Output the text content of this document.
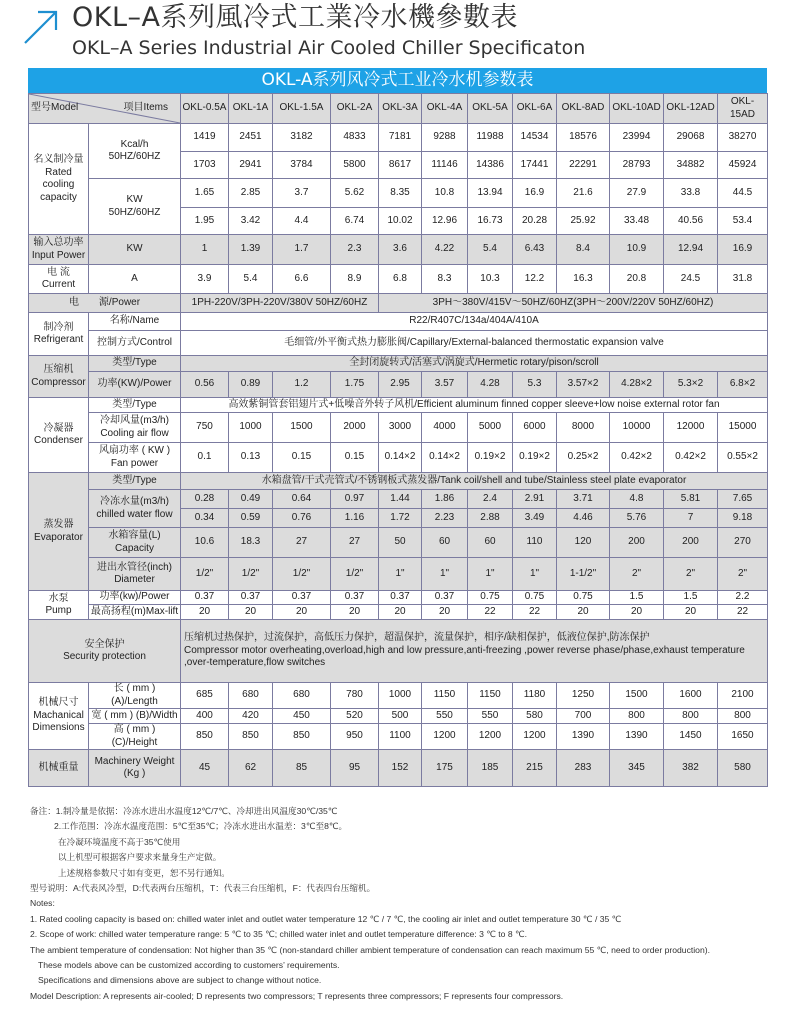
OKL–A系列風冷式工業冷水機參數表
OKL–A Series Industrial Air Cooled Chiller Specificaton
OKL-A系列风冷式工业冷水机参数表
型号Model 项目Items		OKL-0.5A	OKL-1A	OKL-1.5A	OKL-2A	OKL-3A	OKL-4A	OKL-5A	OKL-6A	OKL-8AD	OKL-10AD	OKL-12AD	OKL-15AD
名义制冷量
Rated
cooling
capacity	Kcal/h
50HZ/60HZ	1419	2451	3182	4833	7181	9288	11988	14534	18576	23994	29068	38270
		1703	2941	3784	5800	8617	11146	14386	17441	22291	28793	34882	45924
	KW
50HZ/60HZ	1.65	2.85	3.7	5.62	8.35	10.8	13.94	16.9	21.6	27.9	33.8	44.5
		1.95	3.42	4.4	6.74	10.02	12.96	16.73	20.28	25.92	33.48	40.56	53.4
输入总功率
Input Power	KW	1	1.39	1.7	2.3	3.6	4.22	5.4	6.43	8.4	10.9	12.94	16.9
电 流
Current	A	3.9	5.4	6.6	8.9	6.8	8.3	10.3	12.2	16.3	20.8	24.5	31.8
电　　源/Power		1PH-220V/3PH-220V/380V 50HZ/60HZ				3PH～380V/415V～50HZ/60HZ(3PH～200V/220V 50HZ/60HZ)							
制冷剂
Refrigerant	名称/Name	R22/R407C/134a/404A/410A											
	控制方式/Control	毛细管/外平衡式热力膨胀阀/Capillary/External-balanced thermostatic expansion valve											
压缩机
Compressor	类型/Type	全封闭旋转式/活塞式/涡旋式/Hermetic rotary/pison/scroll											
	功率(KW)/Power	0.56	0.89	1.2	1.75	2.95	3.57	4.28	5.3	3.57×2	4.28×2	5.3×2	6.8×2
冷凝器
Condenser	类型/Type	高效紫铜管套铝翅片式+低噪音外转子风机/Efficient aluminum finned copper sleeve+low noise external rotor fan											
	冷却风量(m3/h)
Cooling air flow	750	1000	1500	2000	3000	4000	5000	6000	8000	10000	12000	15000
	风扇功率 ( KW )
Fan power	0.1	0.13	0.15	0.15	0.14×2	0.14×2	0.19×2	0.19×2	0.25×2	0.42×2	0.42×2	0.55×2
蒸发器
Evaporator	类型/Type	水箱盘管/干式壳管式/不锈钢板式蒸发器/Tank coil/shell and tube/Stainless steel plate evaporator											
	冷冻水量(m3/h)
chilled water flow	0.28	0.49	0.64	0.97	1.44	1.86	2.4	2.91	3.71	4.8	5.81	7.65
		0.34	0.59	0.76	1.16	1.72	2.23	2.88	3.49	4.46	5.76	7	9.18
	水箱容量(L)
Capacity	10.6	18.3	27	27	50	60	60	110	120	200	200	270
	进出水管径(inch)
Diameter	1/2"	1/2"	1/2"	1/2"	1"	1"	1"	1"	1-1/2"	2"	2"	2"
水泵
Pump	功率(kw)/Power	0.37	0.37	0.37	0.37	0.37	0.37	0.75	0.75	0.75	1.5	1.5	2.2
	最高扬程(m)Max-lift	20	20	20	20	20	20	22	22	20	20	20	22
安全保护
Security protection		压缩机过热保护，过流保护，高低压力保护，超温保护，流量保护，相序/缺相保护，低液位保护,防冻保护
Compressor motor overheating,overload,high and low pressure,anti-freezing ,power reverse phase/phase,exhaust temperature ,over-temperature,flow switches											
机械尺寸
Machanical
Dimensions	长 ( mm ) (A)/Length	685	680	680	780	1000	1150	1150	1180	1250	1500	1600	2100
	宽 ( mm ) (B)/Width	400	420	450	520	500	550	550	580	700	800	800	800
	高 ( mm ) (C)/Height	850	850	850	950	1100	1200	1200	1200	1390	1390	1450	1650
机械重量	Machinery Weight
(Kg )	45	62	85	95	152	175	185	215	283	345	382	580
备注：1.制冷量是依据：冷冻水进出水温度12℃/7℃、冷却进出风温度30℃/35℃
2.工作范围：冷冻水温度范围：5℃至35℃；冷冻水进出水温差：3℃至8℃。
在冷凝环境温度不高于35℃使用
以上机型可根据客户要求来量身生产定做。
上述规格参数尺寸如有变更，恕不另行通知。
型号说明：A:代表风冷型，D:代表两台压缩机，T：代表三台压缩机，F：代表四台压缩机。
Notes:
1. Rated cooling capacity is based on: chilled water inlet and outlet water temperature 12 ℃ / 7 ℃, the cooling air inlet and outlet temperature 30 ℃ / 35 ℃
2. Scope of work: chilled water temperature range: 5 ℃ to 35 ℃; chilled water inlet and outlet temperature difference: 3 ℃ to 8 ℃.
The ambient temperature of condensation: Not higher than 35 ℃ (non-standard chiller ambient temperature of condensation can reach maximum 55 ℃, need to order production).
These models above can be customized according to customers’ requirements.
Specifications and dimensions above are subject to change without notice.
Model Description: A represents air-cooled; D represents two compressors; T represents three compressors; F represents four compressors.
